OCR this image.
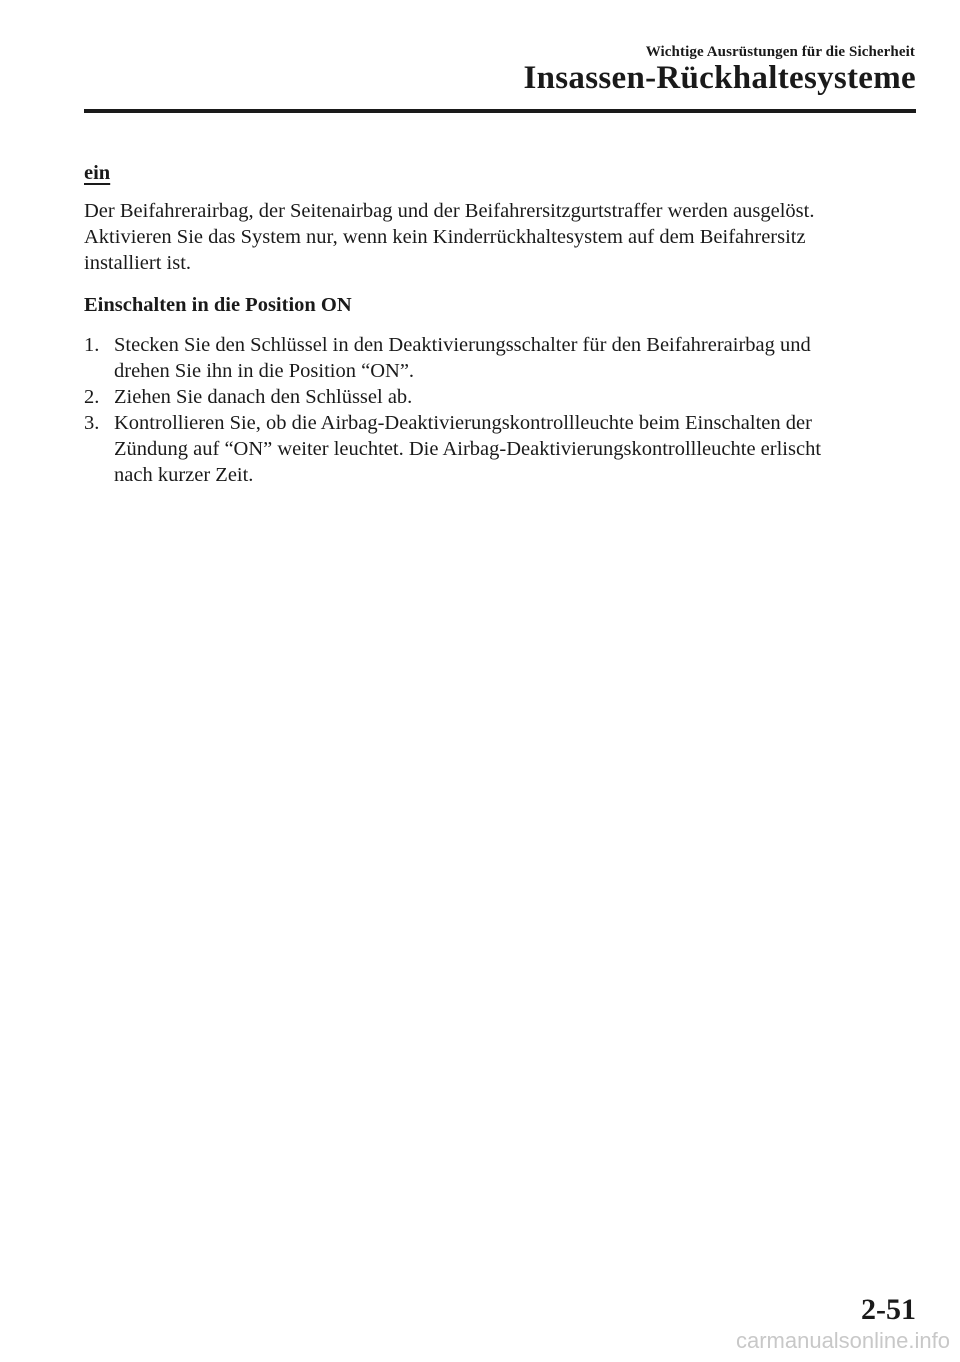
Wichtige Ausrüstungen für die Sicherheit
Insassen-Rückhaltesysteme
ein
Der Beifahrerairbag, der Seitenairbag und der Beifahrersitzgurtstraffer werden ausgelöst.
Aktivieren Sie das System nur, wenn kein Kinderrückhaltesystem auf dem Beifahrersitz
installiert ist.
Einschalten in die Position ON
1. Stecken Sie den Schlüssel in den Deaktivierungsschalter für den Beifahrerairbag und
drehen Sie ihn in die Position “ON”.
2. Ziehen Sie danach den Schlüssel ab.
3. Kontrollieren Sie, ob die Airbag-Deaktivierungskontrollleuchte beim Einschalten der
Zündung auf “ON” weiter leuchtet. Die Airbag-Deaktivierungskontrollleuchte erlischt
nach kurzer Zeit.
2-51
carmanualsonline.info
